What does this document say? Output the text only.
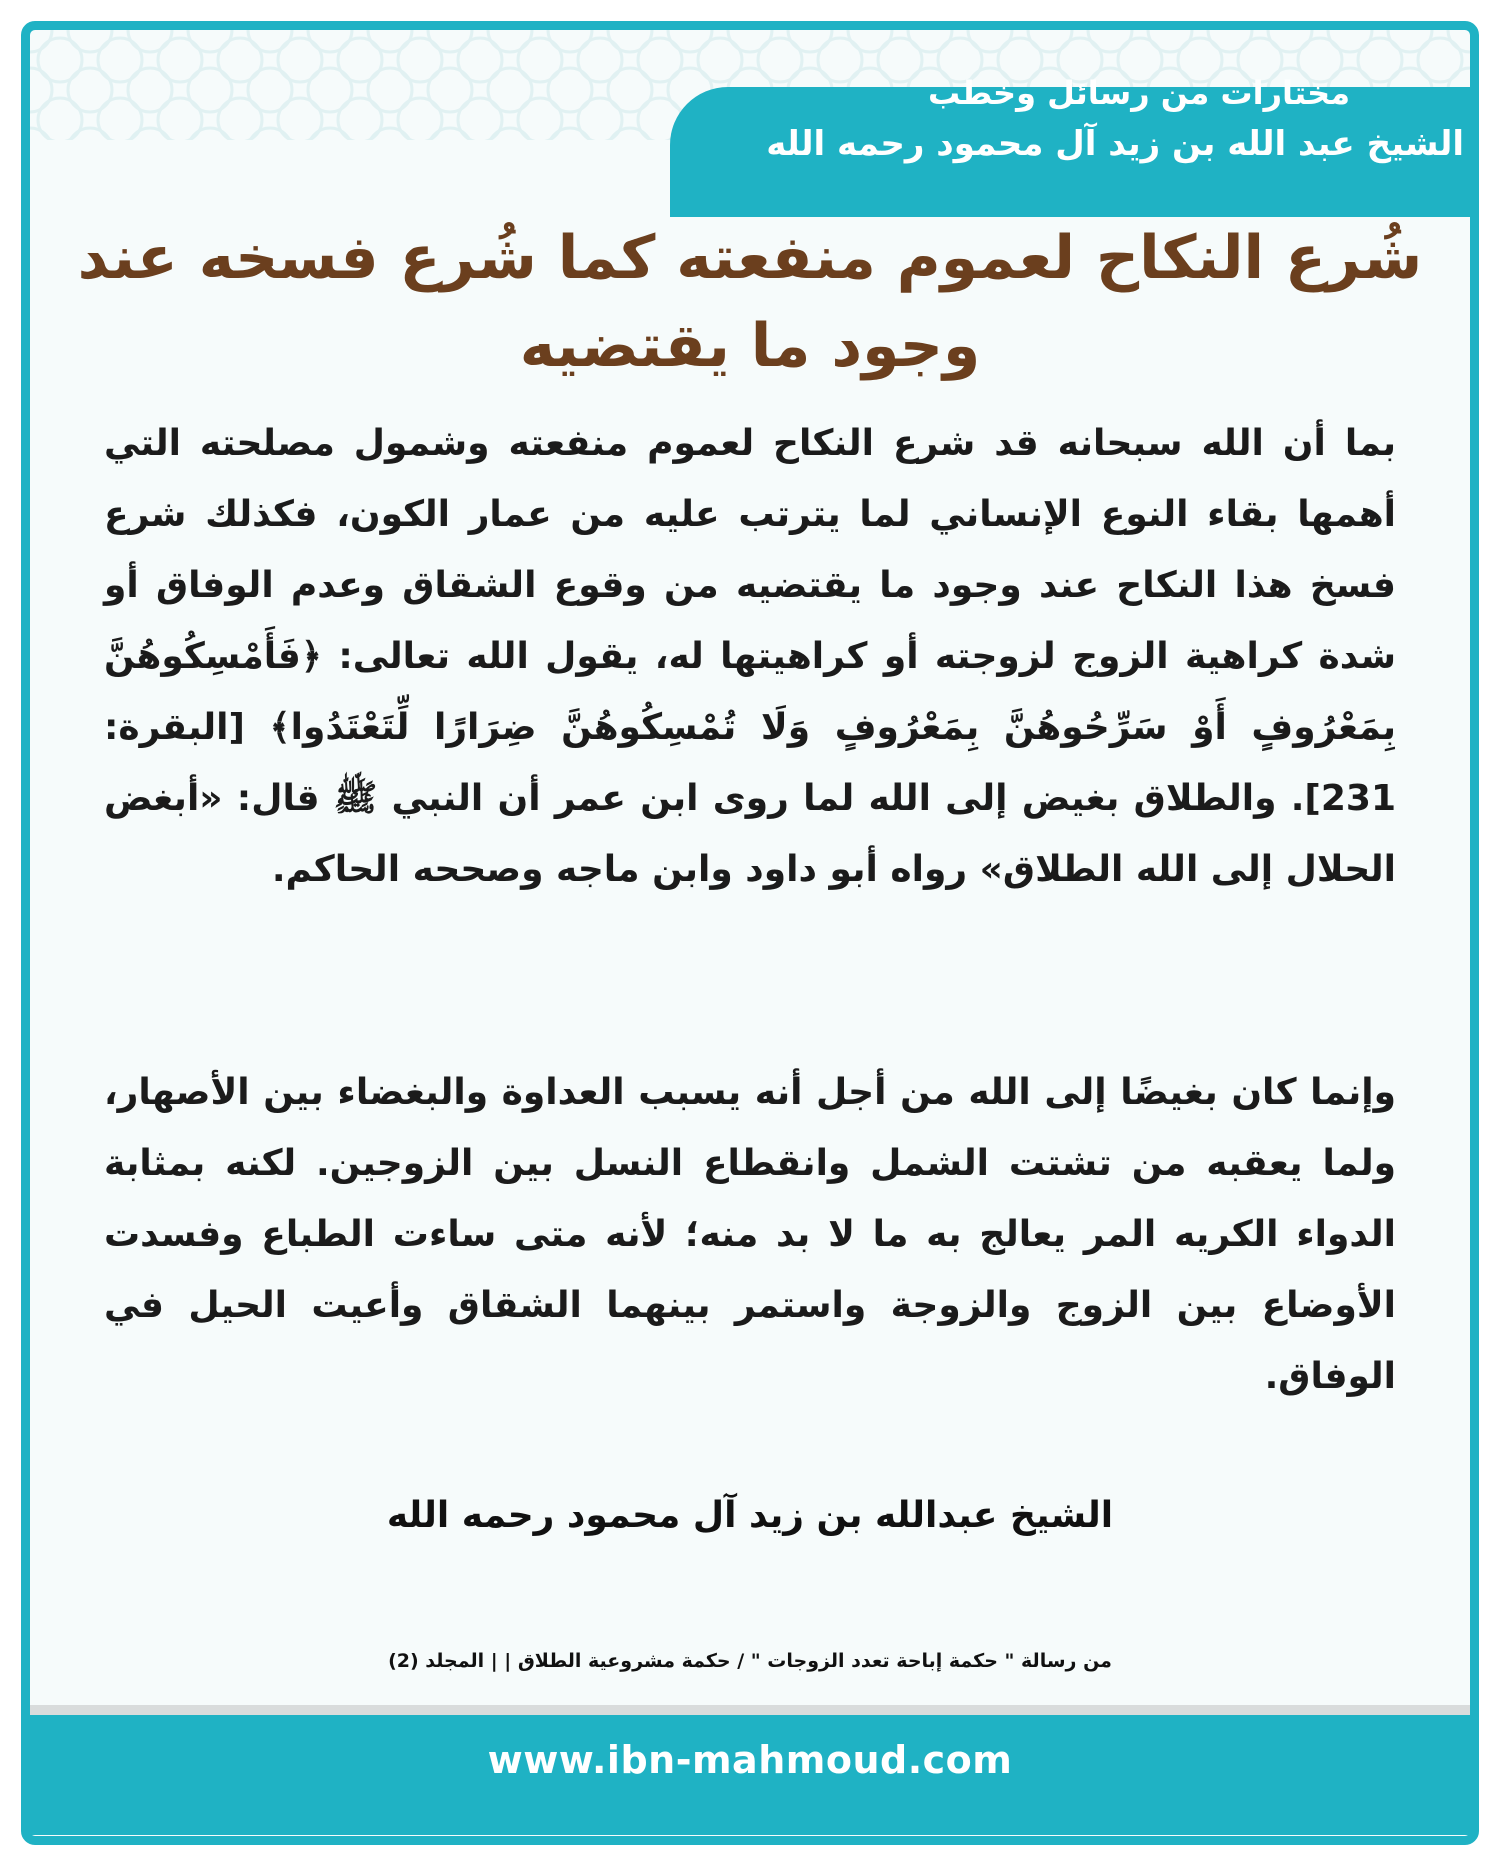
مختارات من رسائل وخطب
الشيخ عبد الله بن زيد آل محمود رحمه الله
شُرع النكاح لعموم منفعته كما شُرع فسخه عند وجود ما يقتضيه
بما أن الله سبحانه قد شرع النكاح لعموم منفعته وشمول مصلحته التي أهمها بقاء النوع الإنساني لما يترتب عليه من عمار الكون، فكذلك شرع فسخ هذا النكاح عند وجود ما يقتضيه من وقوع الشقاق وعدم الوفاق أو شدة كراهية الزوج لزوجته أو كراهيتها له، يقول الله تعالى: ﴿فَأَمْسِكُوهُنَّ بِمَعْرُوفٍ أَوْ سَرِّحُوهُنَّ بِمَعْرُوفٍ وَلَا تُمْسِكُوهُنَّ ضِرَارًا لِّتَعْتَدُوا﴾ [البقرة: 231]. والطلاق بغيض إلى الله لما روى ابن عمر أن النبي ﷺ قال: «أبغض الحلال إلى الله الطلاق» رواه أبو داود وابن ماجه وصححه الحاكم.
وإنما كان بغيضًا إلى الله من أجل أنه يسبب العداوة والبغضاء بين الأصهار، ولما يعقبه من تشتت الشمل وانقطاع النسل بين الزوجين. لكنه بمثابة الدواء الكريه المر يعالج به ما لا بد منه؛ لأنه متى ساءت الطباع وفسدت الأوضاع بين الزوج والزوجة واستمر بينهما الشقاق وأعيت الحيل في الوفاق.
الشيخ عبدالله بن زيد آل محمود رحمه الله
من رسالة " حكمة إباحة تعدد الزوجات " / حكمة مشروعية الطلاق | | المجلد (2)
www.ibn-mahmoud.com
